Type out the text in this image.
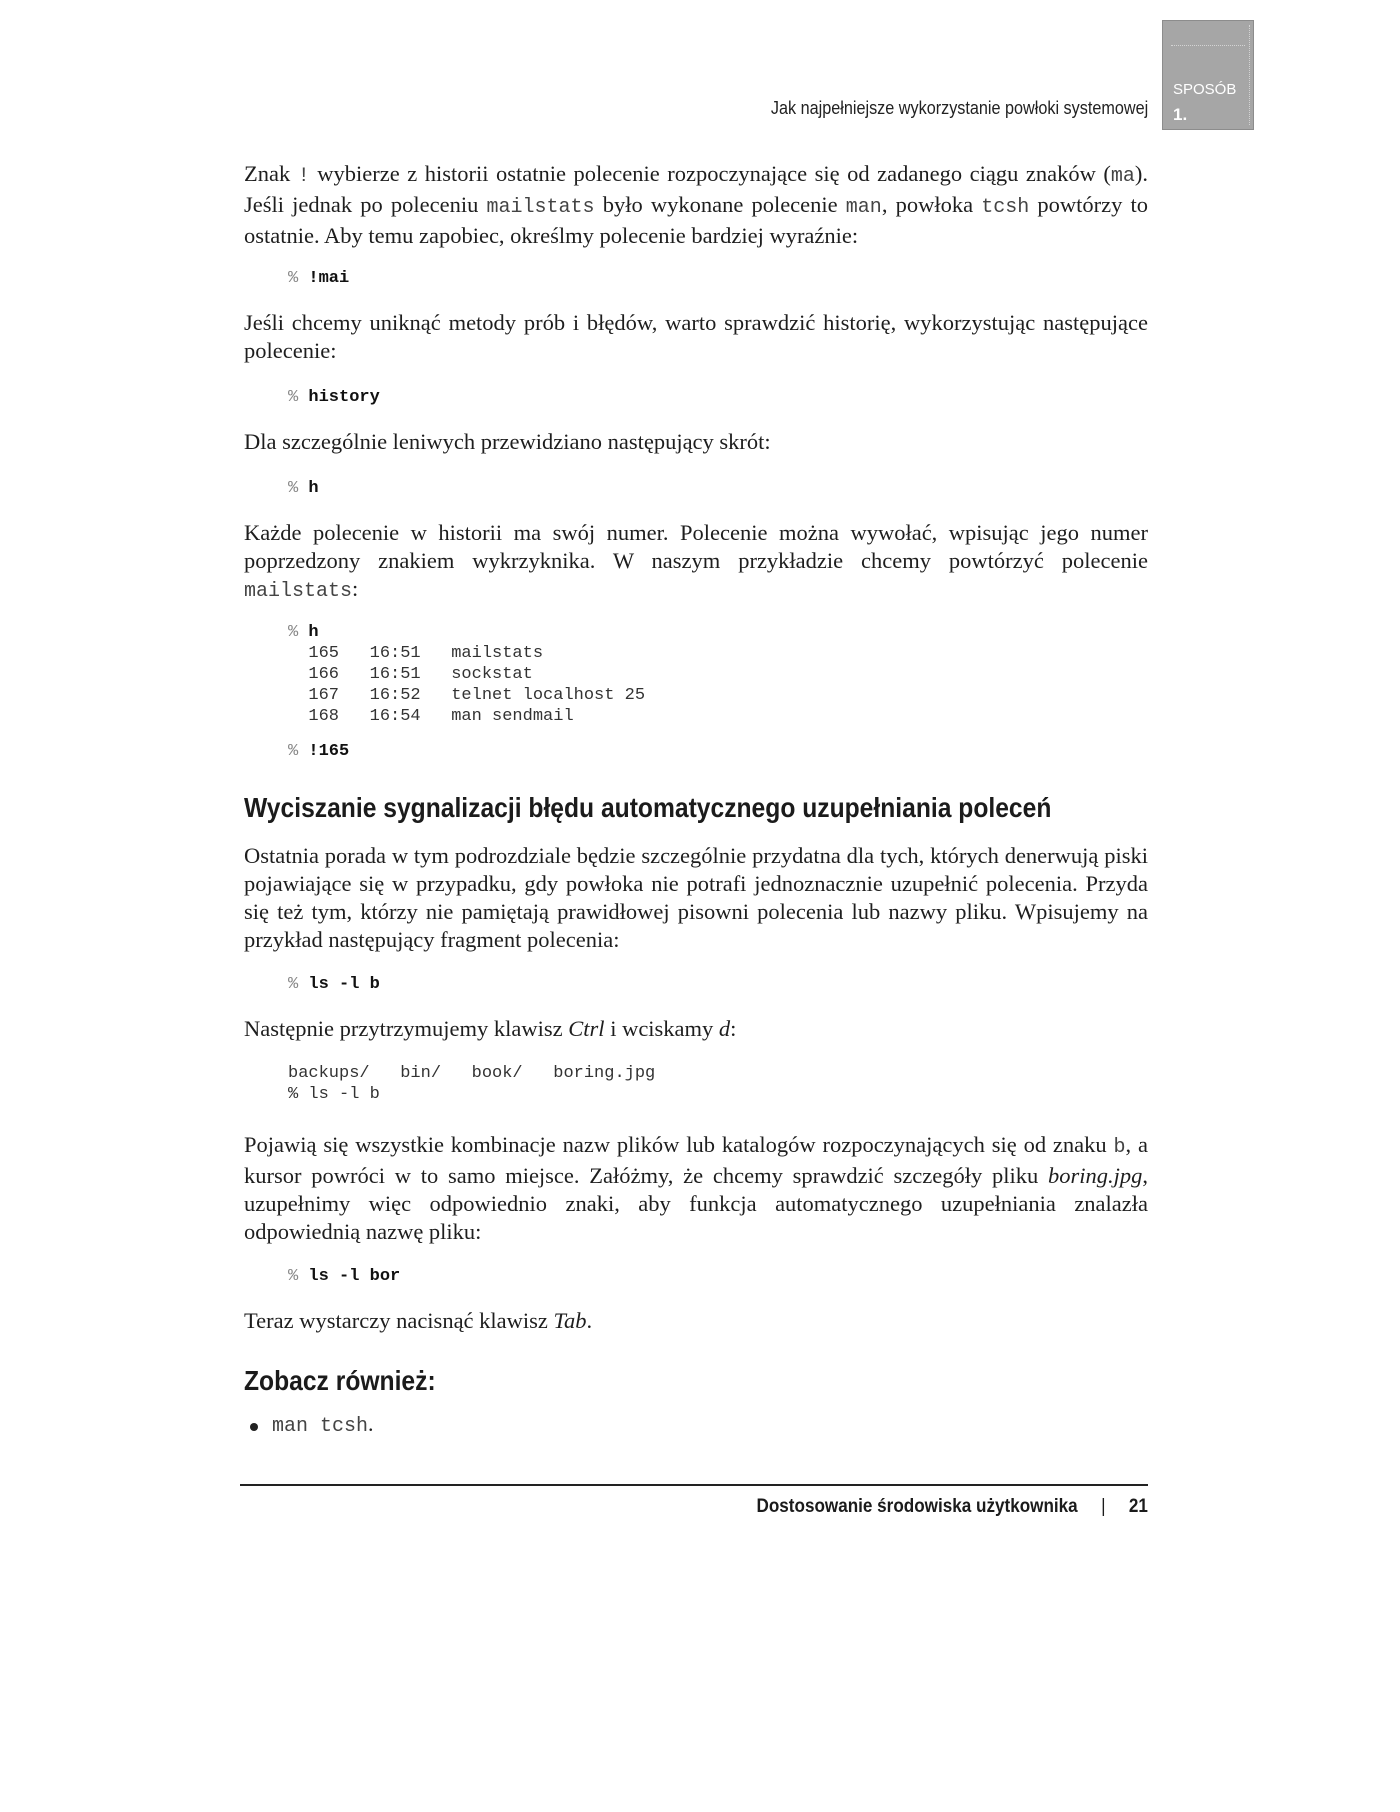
SPOSÓB
1.
Jak najpełniejsze wykorzystanie powłoki systemowej

Znak ! wybierze z historii ostatnie polecenie rozpoczynające się od zadanego ciągu znaków (ma). Jeśli jednak po poleceniu mailstats było wykonane polecenie man, powłoka tcsh powtórzy to ostatnie. Aby temu zapobiec, określmy polecenie bardziej wyraźnie:

% !mai

Jeśli chcemy uniknąć metody prób i błędów, warto sprawdzić historię, wykorzystując następujące polecenie:

% history

Dla szczególnie leniwych przewidziano następujący skrót:

% h

Każde polecenie w historii ma swój numer. Polecenie można wywołać, wpisując jego numer poprzedzony znakiem wykrzyknika. W naszym przykładzie chcemy powtórzyć polecenie mailstats:

% h
165   16:51   mailstats
166   16:51   sockstat
167   16:52   telnet localhost 25
168   16:54   man sendmail
% !165
Wyciszanie sygnalizacji błędu automatycznego uzupełniania poleceń

Ostatnia porada w tym podrozdziale będzie szczególnie przydatna dla tych, których denerwują piski pojawiające się w przypadku, gdy powłoka nie potrafi jednoznacznie uzupełnić polecenia. Przyda się też tym, którzy nie pamiętają prawidłowej pisowni polecenia lub nazwy pliku. Wpisujemy na przykład następujący fragment polecenia:

% ls -l b

Następnie przytrzymujemy klawisz Ctrl i wciskamy d:

backups/   bin/   book/   boring.jpg
% ls -l b

Pojawią się wszystkie kombinacje nazw plików lub katalogów rozpoczynających się od znaku b, a kursor powróci w to samo miejsce. Załóżmy, że chcemy sprawdzić szczegóły pliku boring.jpg, uzupełnimy więc odpowiednio znaki, aby funkcja automatycznego uzupełniania znalazła odpowiednią nazwę pliku:

% ls -l bor

Teraz wystarczy nacisnąć klawisz Tab.

Zobacz również:
man tcsh .
Dostosowanie środowiska użytkownika | 21
